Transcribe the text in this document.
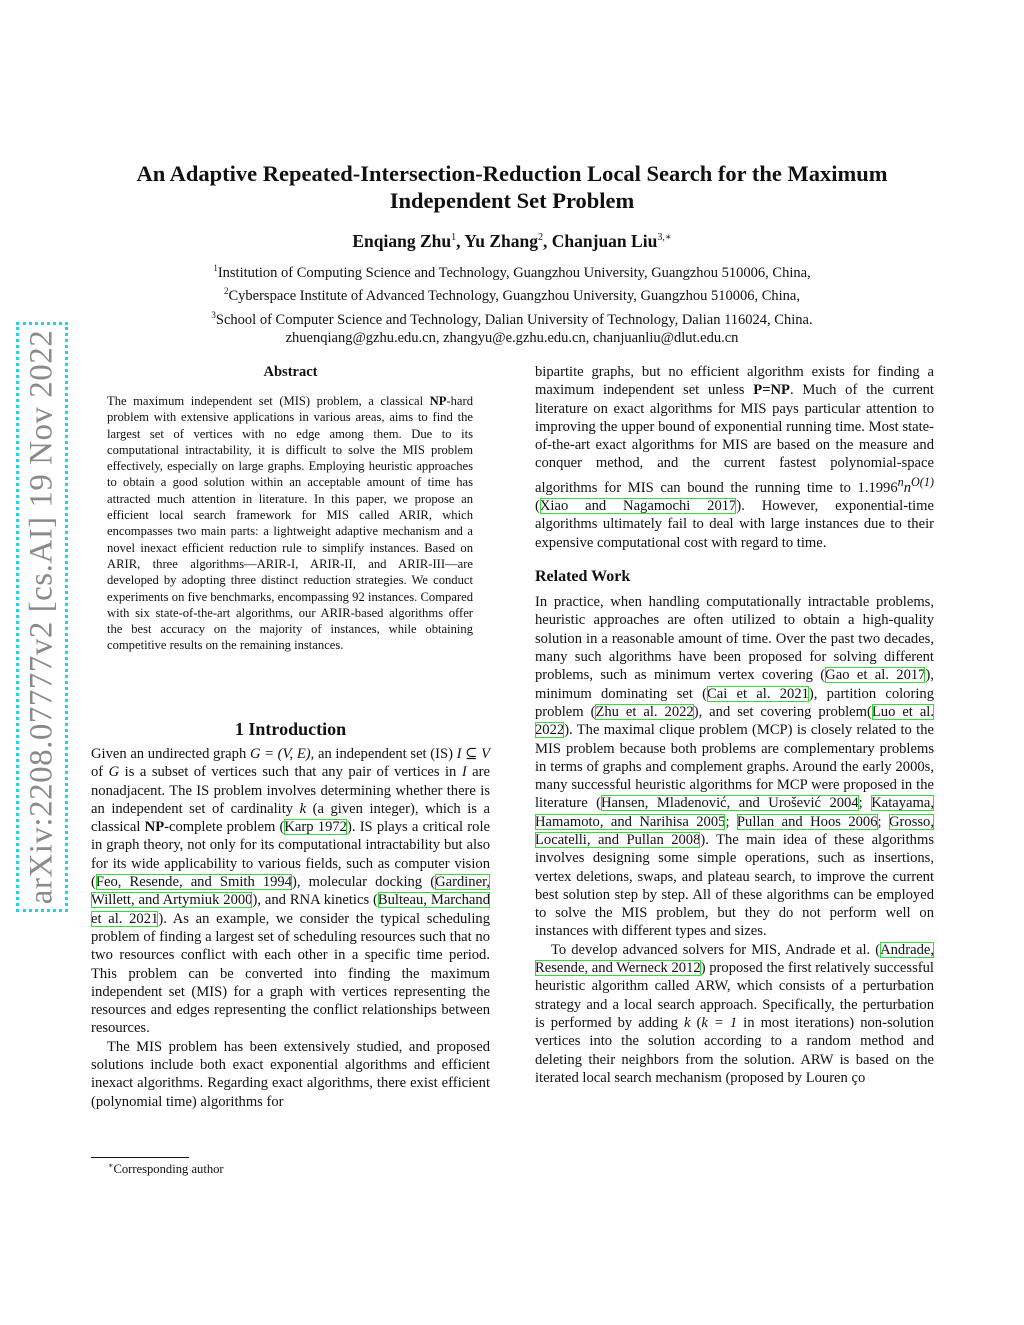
arXiv:2208.07777v2 [cs.AI] 19 Nov 2022
An Adaptive Repeated-Intersection-Reduction Local Search for the Maximum Independent Set Problem
Enqiang Zhu$^1$, Yu Zhang$^2$, Chanjuan Liu$^{3,∗}$
$^1$Institution of Computing Science and Technology, Guangzhou University, Guangzhou 510006, China,
$^2$Cyberspace Institute of Advanced Technology, Guangzhou University, Guangzhou 510006, China,
$^3$School of Computer Science and Technology, Dalian University of Technology, Dalian 116024, China.
zhuenqiang@gzhu.edu.cn, zhangyu@e.gzhu.edu.cn, chanjuanliu@dlut.edu.cn
Abstract
The maximum independent set (MIS) problem, a classical NP-hard problem with extensive applications in various areas, aims to find the largest set of vertices with no edge among them. Due to its computational intractability, it is difficult to solve the MIS problem effectively, especially on large graphs. Employing heuristic approaches to obtain a good solution within an acceptable amount of time has attracted much attention in literature. In this paper, we propose an efficient local search framework for MIS called ARIR, which encompasses two main parts: a lightweight adaptive mechanism and a novel inexact efficient reduction rule to simplify instances. Based on ARIR, three algorithms—ARIR-I, ARIR-II, and ARIR-III—are developed by adopting three distinct reduction strategies. We conduct experiments on five benchmarks, encompassing 92 instances. Compared with six state-of-the-art algorithms, our ARIR-based algorithms offer the best accuracy on the majority of instances, while obtaining competitive results on the remaining instances.
1 Introduction

Given an undirected graph G = (V, E), an independent set (IS) I ⊆ V of G is a subset of vertices such that any pair of vertices in I are nonadjacent. The IS problem involves determining whether there is an independent set of cardinality k (a given integer), which is a classical NP-complete problem (Karp 1972). IS plays a critical role in graph theory, not only for its computational intractability but also for its wide applicability to various fields, such as computer vision (Feo, Resende, and Smith 1994), molecular docking (Gardiner, Willett, and Artymiuk 2000), and RNA kinetics (Bulteau, Marchand et al. 2021). As an example, we consider the typical scheduling problem of finding a largest set of scheduling resources such that no two resources conflict with each other in a specific time period. This problem can be converted into finding the maximum independent set (MIS) for a graph with vertices representing the resources and edges representing the conflict relationships between resources.

The MIS problem has been extensively studied, and proposed solutions include both exact exponential algorithms and efficient inexact algorithms. Regarding exact algorithms, there exist efficient (polynomial time) algorithms for

bipartite graphs, but no efficient algorithm exists for finding a maximum independent set unless P=NP. Much of the current literature on exact algorithms for MIS pays particular attention to improving the upper bound of exponential running time. Most state-of-the-art exact algorithms for MIS are based on the measure and conquer method, and the current fastest polynomial-space algorithms for MIS can bound the running time to $1.1996^nn^{O(1)}$ (Xiao and Nagamochi 2017). However, exponential-time algorithms ultimately fail to deal with large instances due to their expensive computational cost with regard to time.

Related Work

In practice, when handling computationally intractable problems, heuristic approaches are often utilized to obtain a high-quality solution in a reasonable amount of time. Over the past two decades, many such algorithms have been proposed for solving different problems, such as minimum vertex covering (Gao et al. 2017), minimum dominating set (Cai et al. 2021), partition coloring problem (Zhu et al. 2022), and set covering problem(Luo et al. 2022). The maximal clique problem (MCP) is closely related to the MIS problem because both problems are complementary problems in terms of graphs and complement graphs. Around the early 2000s, many successful heuristic algorithms for MCP were proposed in the literature (Hansen, Mladenović, and Urošević 2004; Katayama, Hamamoto, and Narihisa 2005; Pullan and Hoos 2006; Grosso, Locatelli, and Pullan 2008). The main idea of these algorithms involves designing some simple operations, such as insertions, vertex deletions, swaps, and plateau search, to improve the current best solution step by step. All of these algorithms can be employed to solve the MIS problem, but they do not perform well on instances with different types and sizes.

To develop advanced solvers for MIS, Andrade et al. (Andrade, Resende, and Werneck 2012) proposed the first relatively successful heuristic algorithm called ARW, which consists of a perturbation strategy and a local search approach. Specifically, the perturbation is performed by adding k (k = 1 in most iterations) non-solution vertices into the solution according to a random method and deleting their neighbors from the solution. ARW is based on the iterated local search mechanism (proposed by Louren ço

∗Corresponding author
